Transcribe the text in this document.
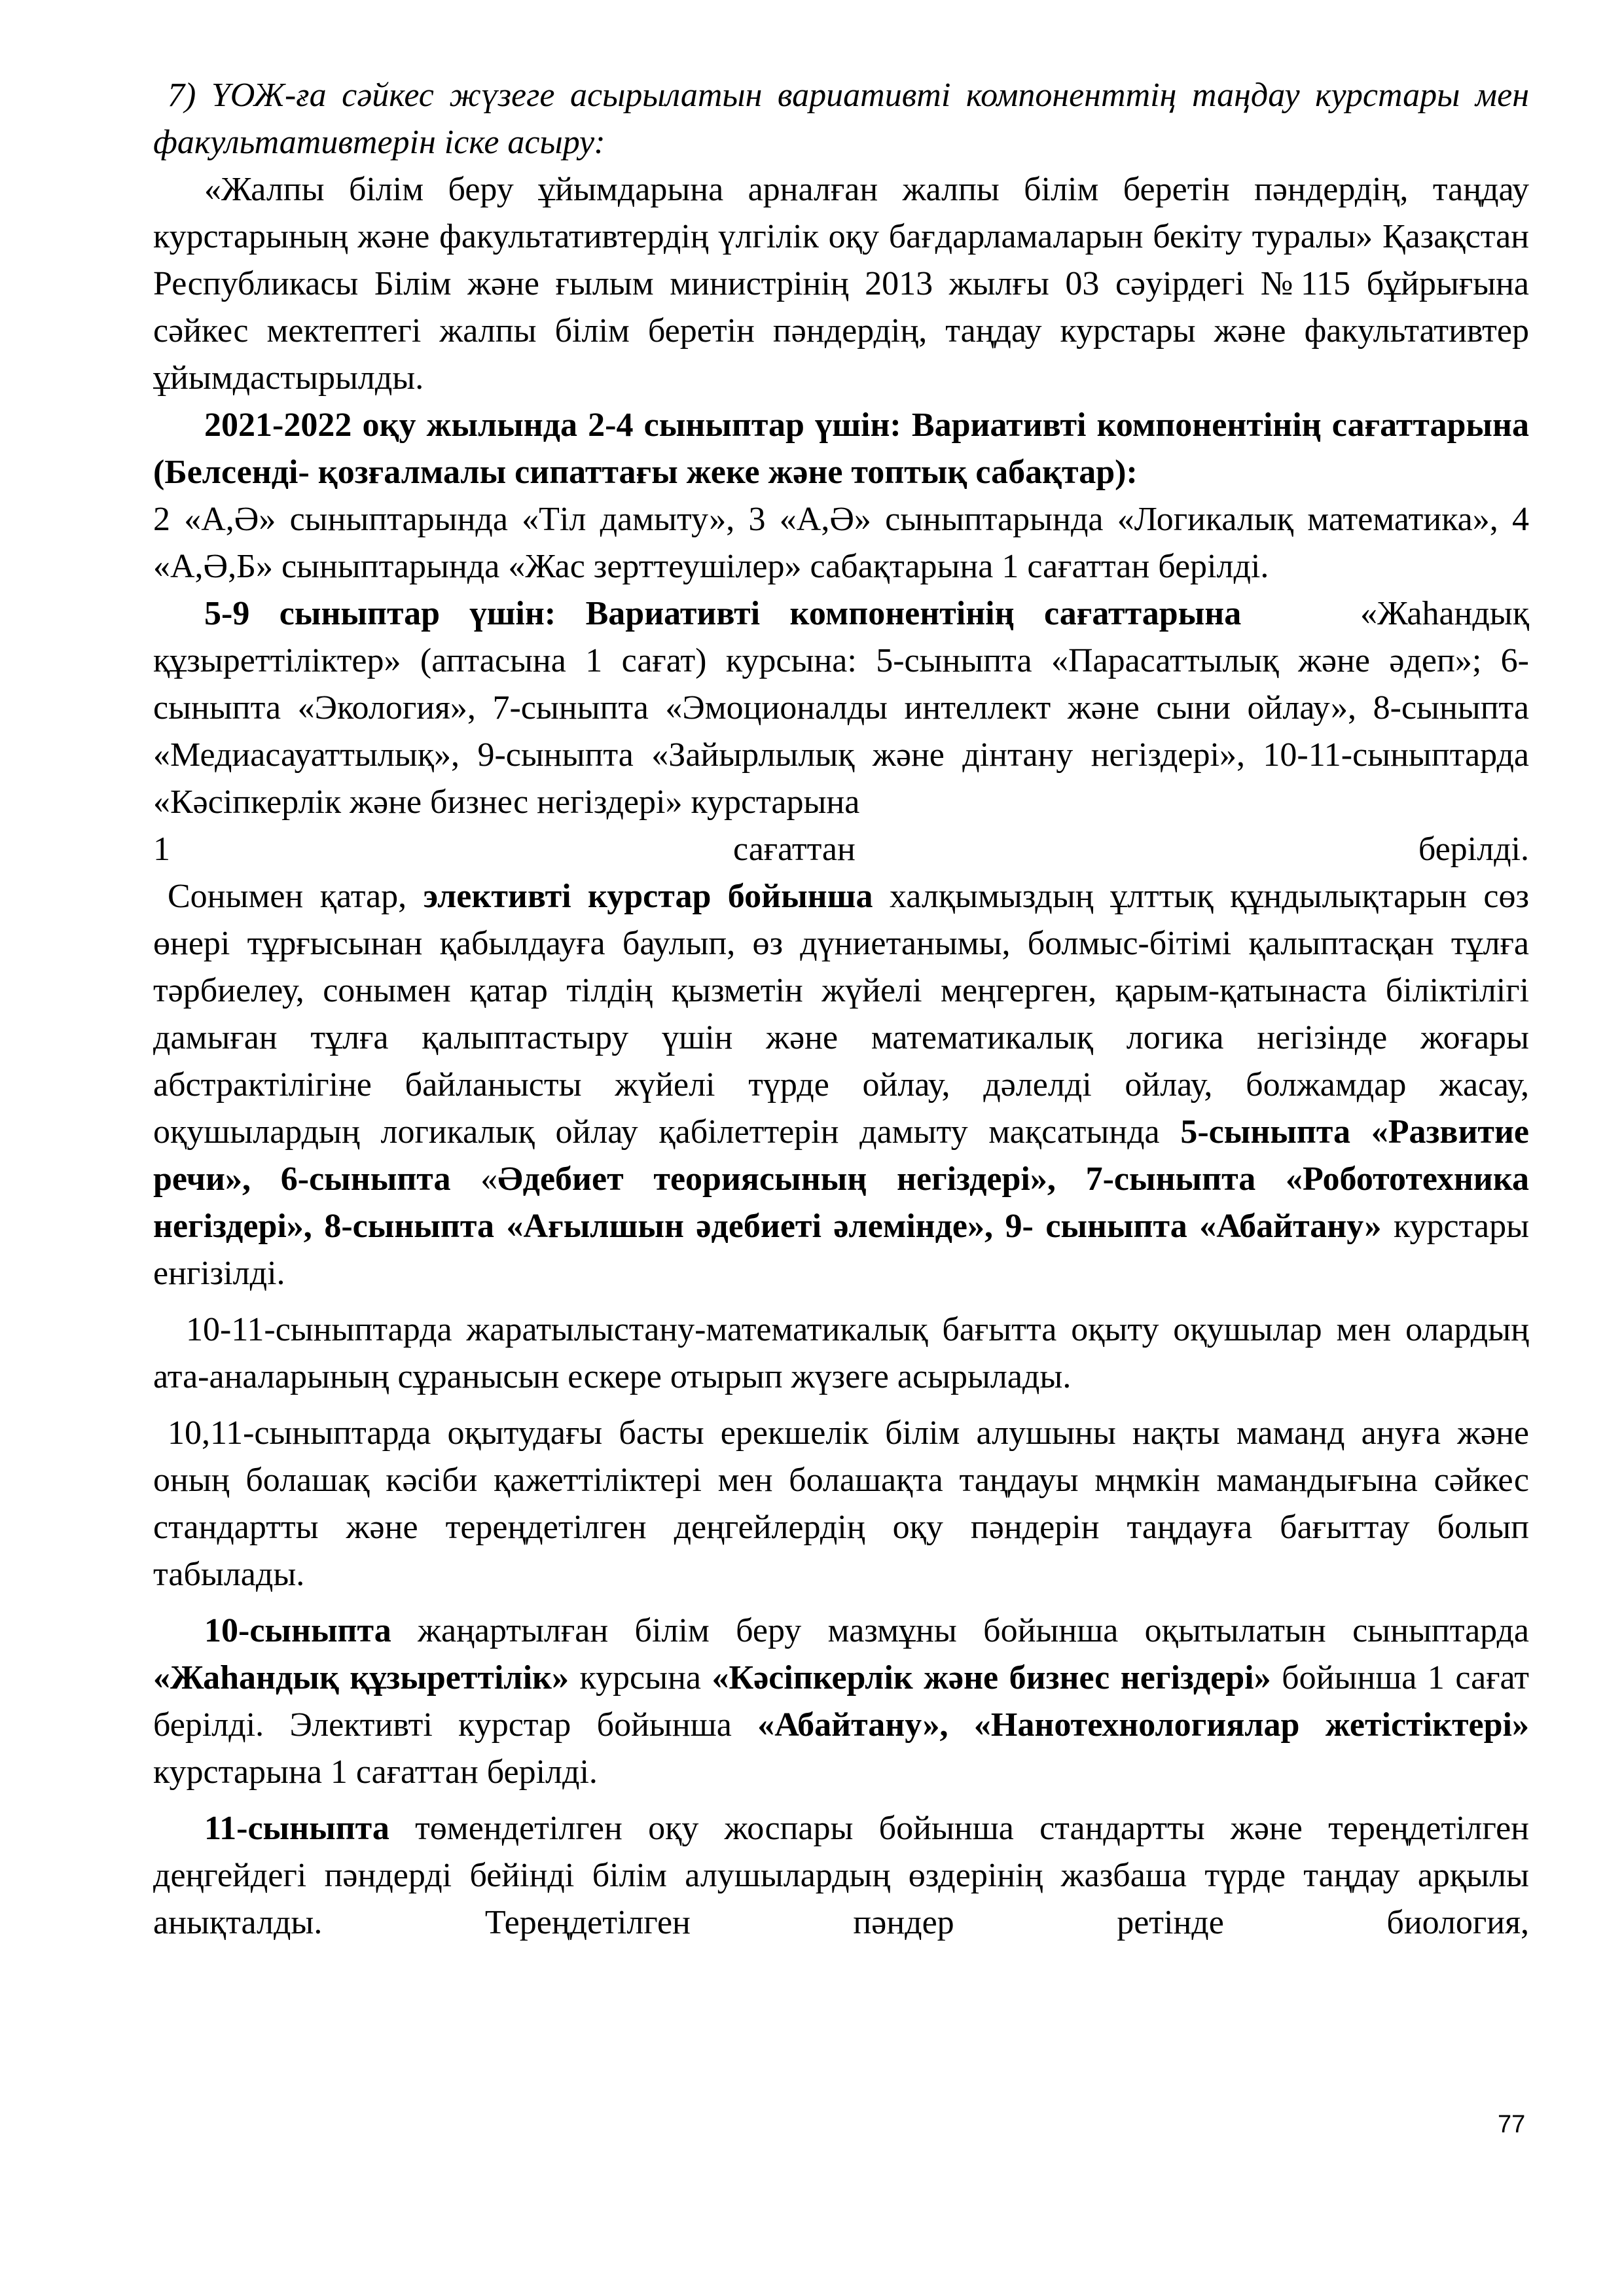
7) ҮОЖ-ға сәйкес жүзеге асырылатын вариативті компоненттің таңдау курстары мен факультативтерін іске асыру:

«Жалпы білім беру ұйымдарына арналған жалпы білім беретін пәндердің, таңдау курстарының және факультативтердің үлгілік оқу бағдарламаларын бекіту туралы» Қазақстан Республикасы Білім және ғылым министрінің 2013 жылғы 03 сәуірдегі №115 бұйрығына сәйкес мектептегі жалпы білім беретін пәндердің, таңдау курстары және факультативтер ұйымдастырылды.

2021-2022 оқу жылында 2-4 сыныптар үшін: Вариативті компонентінің сағаттарына (Белсенді- қозғалмалы сипаттағы жеке және топтық сабақтар):

2 «А,Ә» сыныптарында «Тіл дамыту», 3 «А,Ә» сыныптарында «Логикалық математика», 4 «А,Ә,Б» сыныптарында «Жас зерттеушілер» сабақтарына 1 сағаттан берілді.

5-9 сыныптар үшін: Вариативті компонентінің сағаттарына	«Жаһандық құзыреттіліктер» (аптасына 1 сағат) курсына: 5-сыныпта «Парасаттылық және әдеп»; 6-сыныпта «Экология», 7-сыныпта «Эмоционалды интеллект және сыни ойлау», 8-сыныпта «Медиасауаттылық», 9-сыныпта «Зайырлылық және дінтану негіздері», 10-11-сыныптарда «Кәсіпкерлік және бизнес негіздері» курстарына

1	сағаттан	берілді.

Сонымен қатар, элективті курстар бойынша халқымыздың ұлттық құндылықтарын сөз өнері тұрғысынан қабылдауға баулып, өз дүниетанымы, болмыс-бітімі қалыптасқан тұлға тәрбиелеу, сонымен қатар тілдің қызметін жүйелі меңгерген, қарым-қатынаста біліктілігі дамыған тұлға қалыптастыру үшін және математикалық логика негізінде жоғары абстрактілігіне байланысты жүйелі түрде ойлау, дәлелді ойлау, болжамдар жасау, оқушылардың логикалық ойлау қабілеттерін дамыту мақсатында 5-сыныпта «Развитие речи», 6-сыныпта «Әдебиет теориясының негіздері», 7-сыныпта «Робототехника негіздері», 8-сыныпта «Ағылшын әдебиеті әлемінде», 9- сыныпта «Абайтану» курстары енгізілді.

10-11-сыныптарда жаратылыстану-математикалық бағытта оқыту оқушылар мен олардың ата-аналарының сұранысын ескере отырып жүзеге асырылады.

10,11-сыныптарда оқытудағы басты ерекшелік білім алушыны нақты маманд ануға және оның болашақ кәсіби қажеттіліктері мен болашақта таңдауы мңмкін мамандығына сәйкес стандартты және тереңдетілген деңгейлердің оқу пәндерін таңдауға бағыттау болып табылады.

10-сыныпта жаңартылған білім беру мазмұны бойынша оқытылатын сыныптарда «Жаһандық құзыреттілік» курсына «Кәсіпкерлік және бизнес негіздері» бойынша 1 сағат берілді. Элективті курстар бойынша «Абайтану», «Нанотехнологиялар жетістіктері» курстарына 1 сағаттан берілді.

11-сыныпта төмендетілген оқу жоспары бойынша стандартты және тереңдетілген деңгейдегі пәндерді бейінді білім алушылардың өздерінің жазбаша түрде таңдау арқылы анықталды. Тереңдетілген пәндер ретінде биология,

77
